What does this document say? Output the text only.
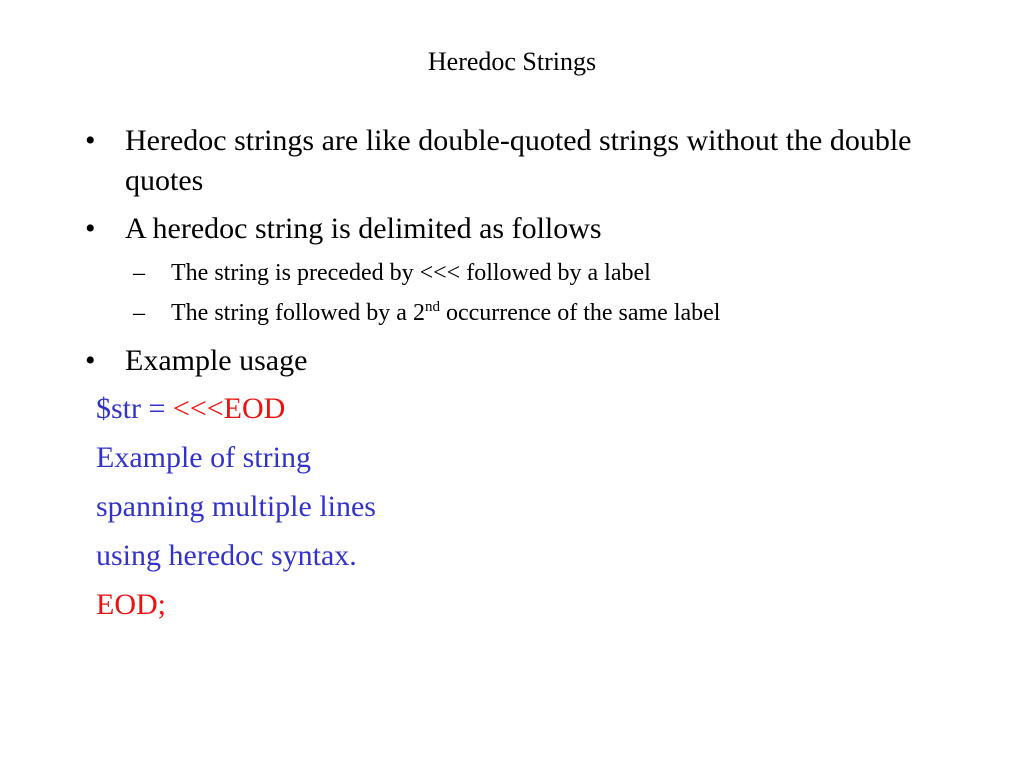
Heredoc Strings
• Heredoc strings are like double-quoted strings without the double quotes
• A heredoc string is delimited as follows
– The string is preceded by <<< followed by a label
– The string followed by a 2nd occurrence of the same label
• Example usage
$str = <<<EOD
Example of string
spanning multiple lines
using heredoc syntax.
EOD;
